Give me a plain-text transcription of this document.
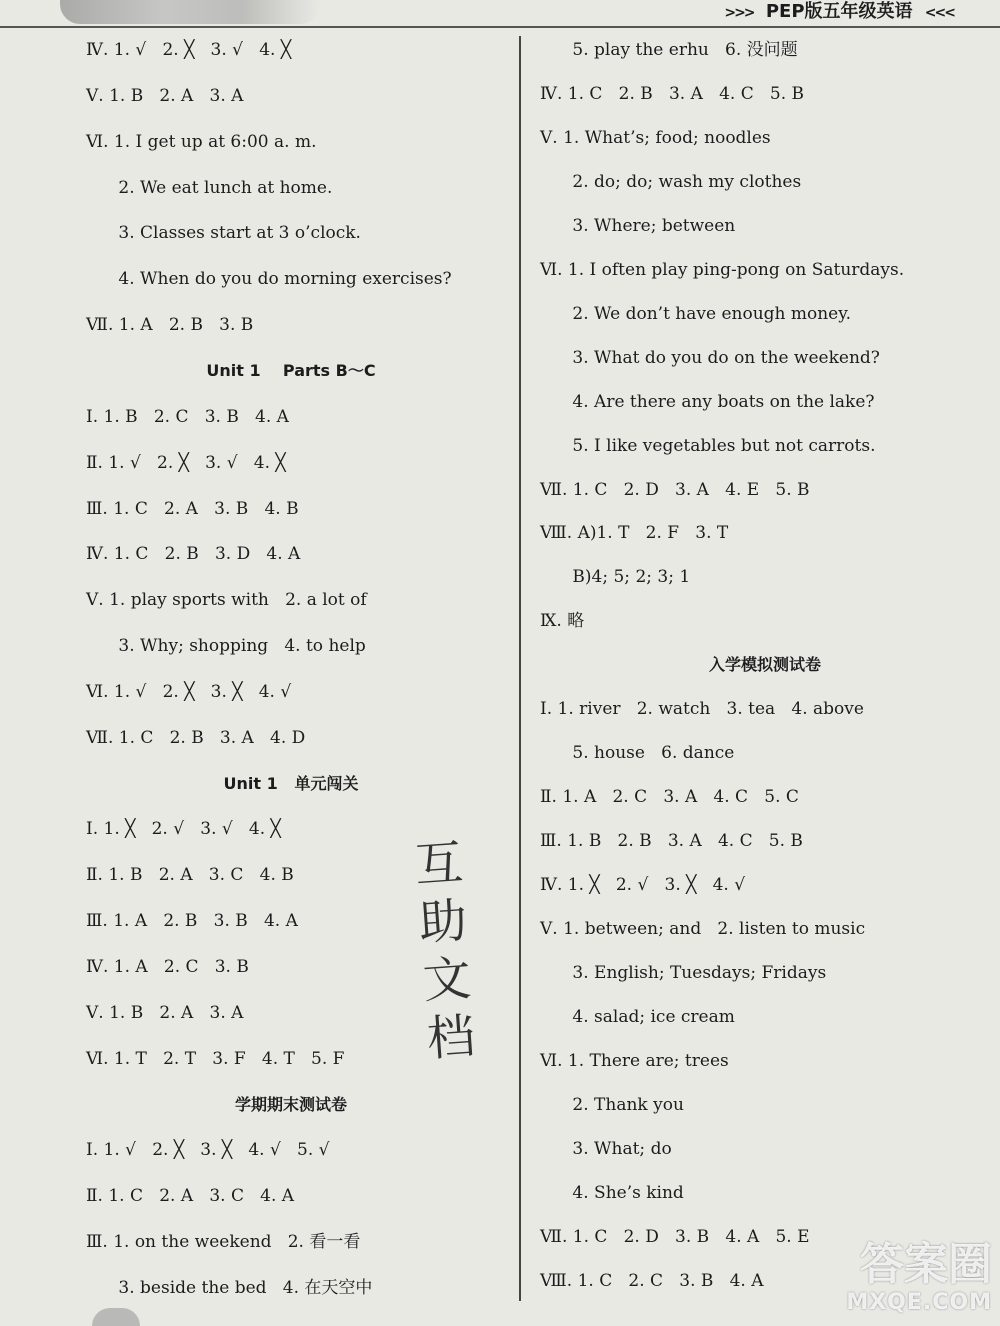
>>> PEP版五年级英语 <<<
Ⅳ. 1. √   2. ╳   3. √   4. ╳
Ⅴ. 1. B   2. A   3. A
Ⅵ. 1. I get up at 6:00 a. m.
2. We eat lunch at home.
3. Classes start at 3 o’clock.
4. When do you do morning exercises?
Ⅶ. 1. A   2. B   3. B
Unit 1    Parts B～C
Ⅰ. 1. B   2. C   3. B   4. A
Ⅱ. 1. √   2. ╳   3. √   4. ╳
Ⅲ. 1. C   2. A   3. B   4. B
Ⅳ. 1. C   2. B   3. D   4. A
Ⅴ. 1. play sports with   2. a lot of
3. Why; shopping   4. to help
Ⅵ. 1. √   2. ╳   3. ╳   4. √
Ⅶ. 1. C   2. B   3. A   4. D
Unit 1   单元闯关
Ⅰ. 1. ╳   2. √   3. √   4. ╳
Ⅱ. 1. B   2. A   3. C   4. B
Ⅲ. 1. A   2. B   3. B   4. A
Ⅳ. 1. A   2. C   3. B
Ⅴ. 1. B   2. A   3. A
Ⅵ. 1. T   2. T   3. F   4. T   5. F
学期期末测试卷
Ⅰ. 1. √   2. ╳   3. ╳   4. √   5. √
Ⅱ. 1. C   2. A   3. C   4. A
Ⅲ. 1. on the weekend   2. 看一看
3. beside the bed   4. 在天空中
5. play the erhu   6. 没问题
Ⅳ. 1. C   2. B   3. A   4. C   5. B
Ⅴ. 1. What’s; food; noodles
2. do; do; wash my clothes
3. Where; between
Ⅵ. 1. I often play ping-pong on Saturdays.
2. We don’t have enough money.
3. What do you do on the weekend?
4. Are there any boats on the lake?
5. I like vegetables but not carrots.
Ⅶ. 1. C   2. D   3. A   4. E   5. B
Ⅷ. A)1. T   2. F   3. T
B)4; 5; 2; 3; 1
Ⅸ. 略
入学模拟测试卷
Ⅰ. 1. river   2. watch   3. tea   4. above
5. house   6. dance
Ⅱ. 1. A   2. C   3. A   4. C   5. C
Ⅲ. 1. B   2. B   3. A   4. C   5. B
Ⅳ. 1. ╳   2. √   3. ╳   4. √
Ⅴ. 1. between; and   2. listen to music
3. English; Tuesdays; Fridays
4. salad; ice cream
Ⅵ. 1. There are; trees
2. Thank you
3. What; do
4. She’s kind
Ⅶ. 1. C   2. D   3. B   4. A   5. E
Ⅷ. 1. C   2. C   3. B   4. A
互
助
文
档
答案圈
MXQE.COM
